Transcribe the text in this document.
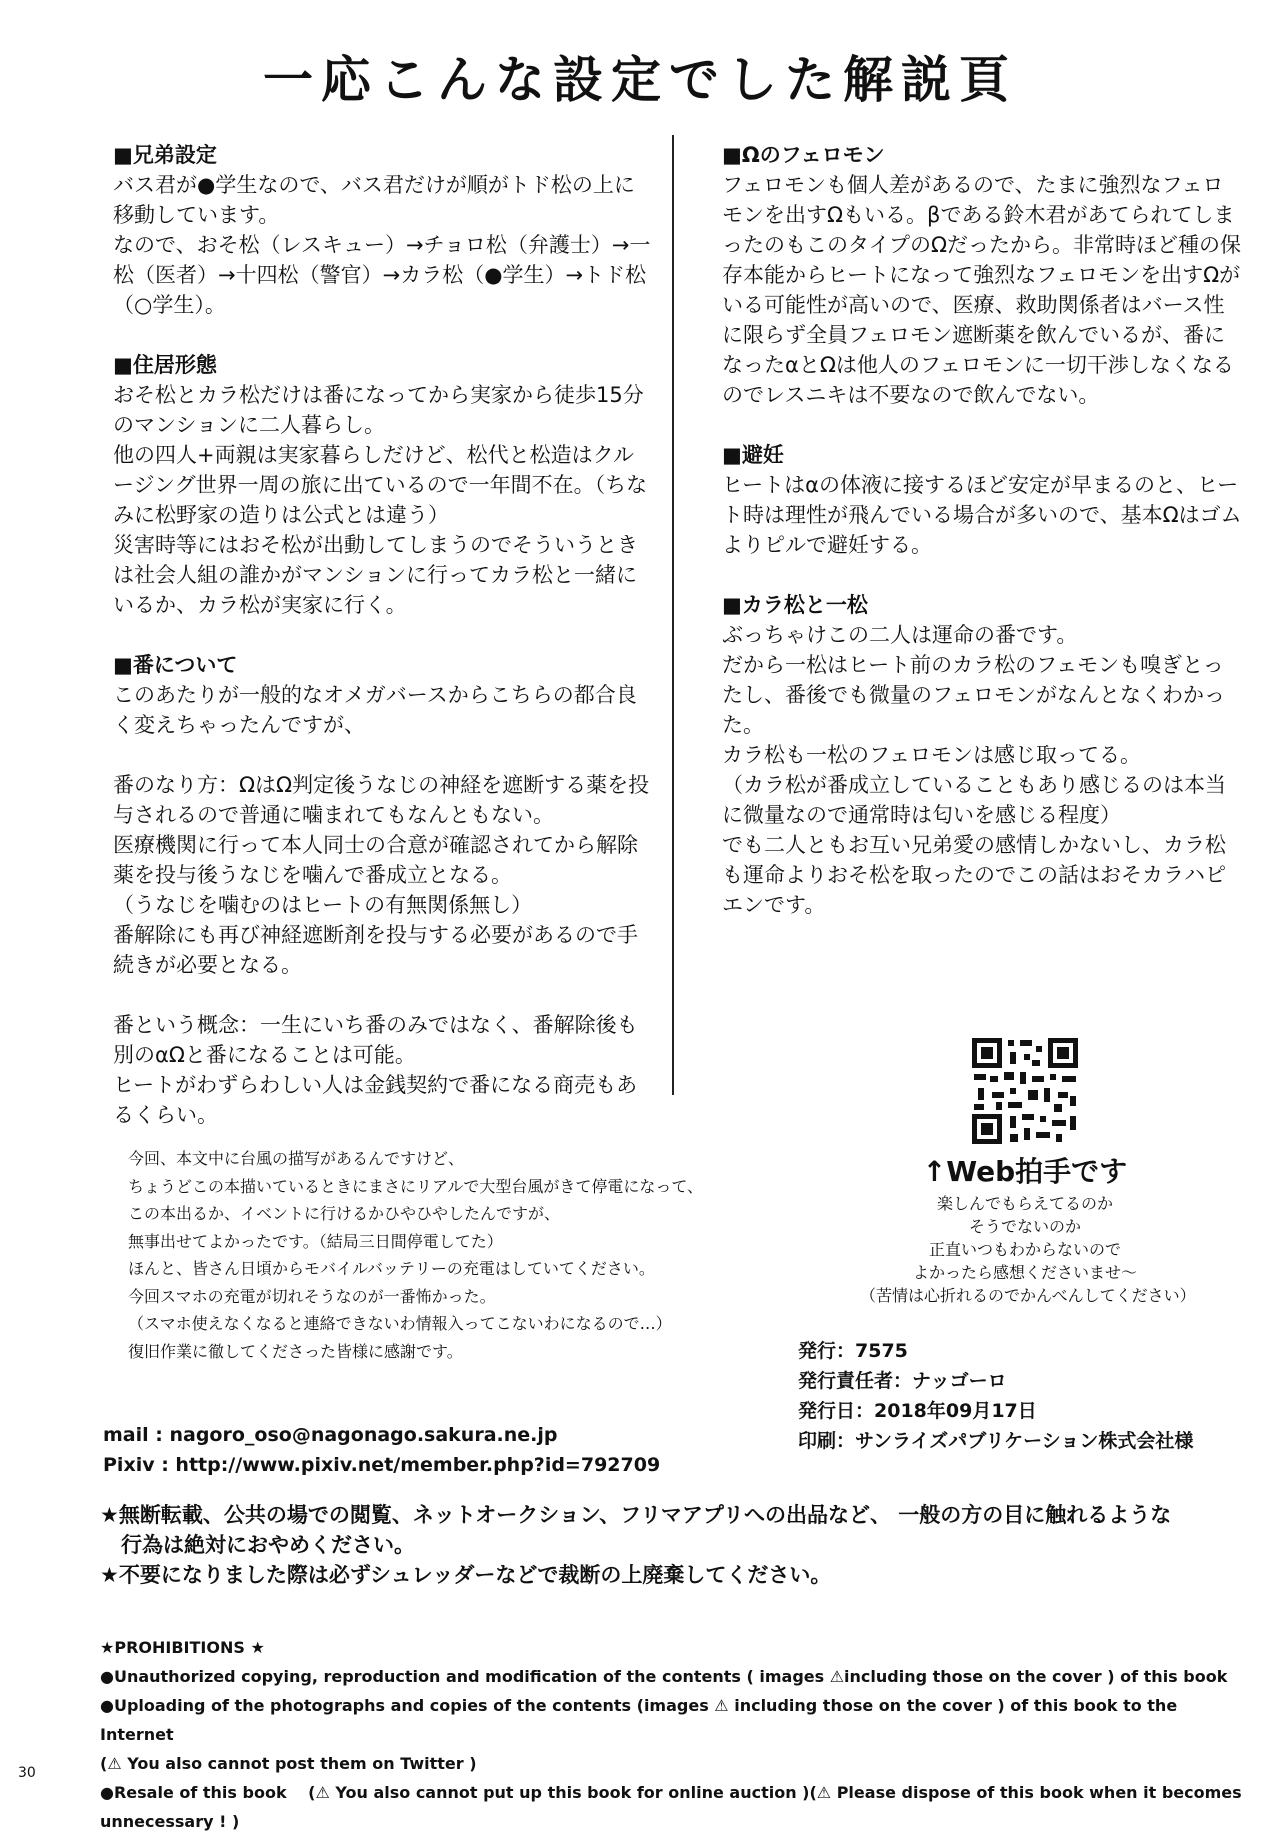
一応こんな設定でした解説頁
■兄弟設定

バス君が●学生なので、バス君だけが順がトド松の上に移動しています。

なので、おそ松（レスキュー）→チョロ松（弁護士）→一松（医者）→十四松（警官）→カラ松（●学生）→トド松（○学生）。

■住居形態

おそ松とカラ松だけは番になってから実家から徒歩15分のマンションに二人暮らし。

他の四人+両親は実家暮らしだけど、松代と松造はクルージング世界一周の旅に出ているので一年間不在。（ちなみに松野家の造りは公式とは違う）

災害時等にはおそ松が出動してしまうのでそういうときは社会人組の誰かがマンションに行ってカラ松と一緒にいるか、カラ松が実家に行く。

■番について

このあたりが一般的なオメガバースからこちらの都合良く変えちゃったんですが、

番のなり方：ΩはΩ判定後うなじの神経を遮断する薬を投与されるので普通に噛まれてもなんともない。

医療機関に行って本人同士の合意が確認されてから解除薬を投与後うなじを噛んで番成立となる。

（うなじを噛むのはヒートの有無関係無し）

番解除にも再び神経遮断剤を投与する必要があるので手続きが必要となる。

番という概念：一生にいち番のみではなく、番解除後も別のαΩと番になることは可能。

ヒートがわずらわしい人は金銭契約で番になる商売もあるくらい。

■Ωのフェロモン

フェロモンも個人差があるので、たまに強烈なフェロモンを出すΩもいる。βである鈴木君があてられてしまったのもこのタイプのΩだったから。非常時ほど種の保存本能からヒートになって強烈なフェロモンを出すΩがいる可能性が高いので、医療、救助関係者はバース性に限らず全員フェロモン遮断薬を飲んでいるが、番になったαとΩは他人のフェロモンに一切干渉しなくなるのでレスニキは不要なので飲んでない。

■避妊

ヒートはαの体液に接するほど安定が早まるのと、ヒート時は理性が飛んでいる場合が多いので、基本Ωはゴムよりピルで避妊する。

■カラ松と一松

ぶっちゃけこの二人は運命の番です。

だから一松はヒート前のカラ松のフェモンも嗅ぎとったし、番後でも微量のフェロモンがなんとなくわかった。

カラ松も一松のフェロモンは感じ取ってる。

（カラ松が番成立していることもあり感じるのは本当に微量なので通常時は匂いを感じる程度）

でも二人ともお互い兄弟愛の感情しかないし、カラ松も運命よりおそ松を取ったのでこの話はおそカラハピエンです。

↑Web拍手です
楽しんでもらえてるのか
そうでないのか
正直いつもわからないので
よかったら感想くださいませ〜
（苦情は心折れるのでかんべんしてください）
今回、本文中に台風の描写があるんですけど、
ちょうどこの本描いているときにまさにリアルで大型台風がきて停電になって、
この本出るか、イベントに行けるかひやひやしたんですが、
無事出せてよかったです。（結局三日間停電してた）
ほんと、皆さん日頃からモバイルバッテリーの充電はしていてください。
今回スマホの充電が切れそうなのが一番怖かった。
（スマホ使えなくなると連絡できないわ情報入ってこないわになるので…）
復旧作業に徹してくださった皆様に感謝です。	発行：7575
発行責任者：ナッゴーロ
発行日：2018年09月17日
印刷：サンライズパブリケーション株式会社様
mail : nagoro_oso@nagonago.sakura.ne.jp
Pixiv : http://www.pixiv.net/member.php?id=792709
★無断転載、公共の場での閲覧、ネットオークション、フリマアプリへの出品など、 一般の方の目に触れるような
　行為は絶対におやめください。
★不要になりました際は必ずシュレッダーなどで裁断の上廃棄してください。
★PROHIBITIONS ★
●Unauthorized copying, reproduction and modification of the contents ( images ⚠including those on the cover ) of this book
●Uploading of the photographs and copies of the contents (images ⚠ including those on the cover ) of this book to the Internet
(⚠ You also cannot post them on Twitter )
●Resale of this book　 (⚠ You also cannot put up this book for online auction )(⚠ Please dispose of this book when it becomes unnecessary ! )
30
